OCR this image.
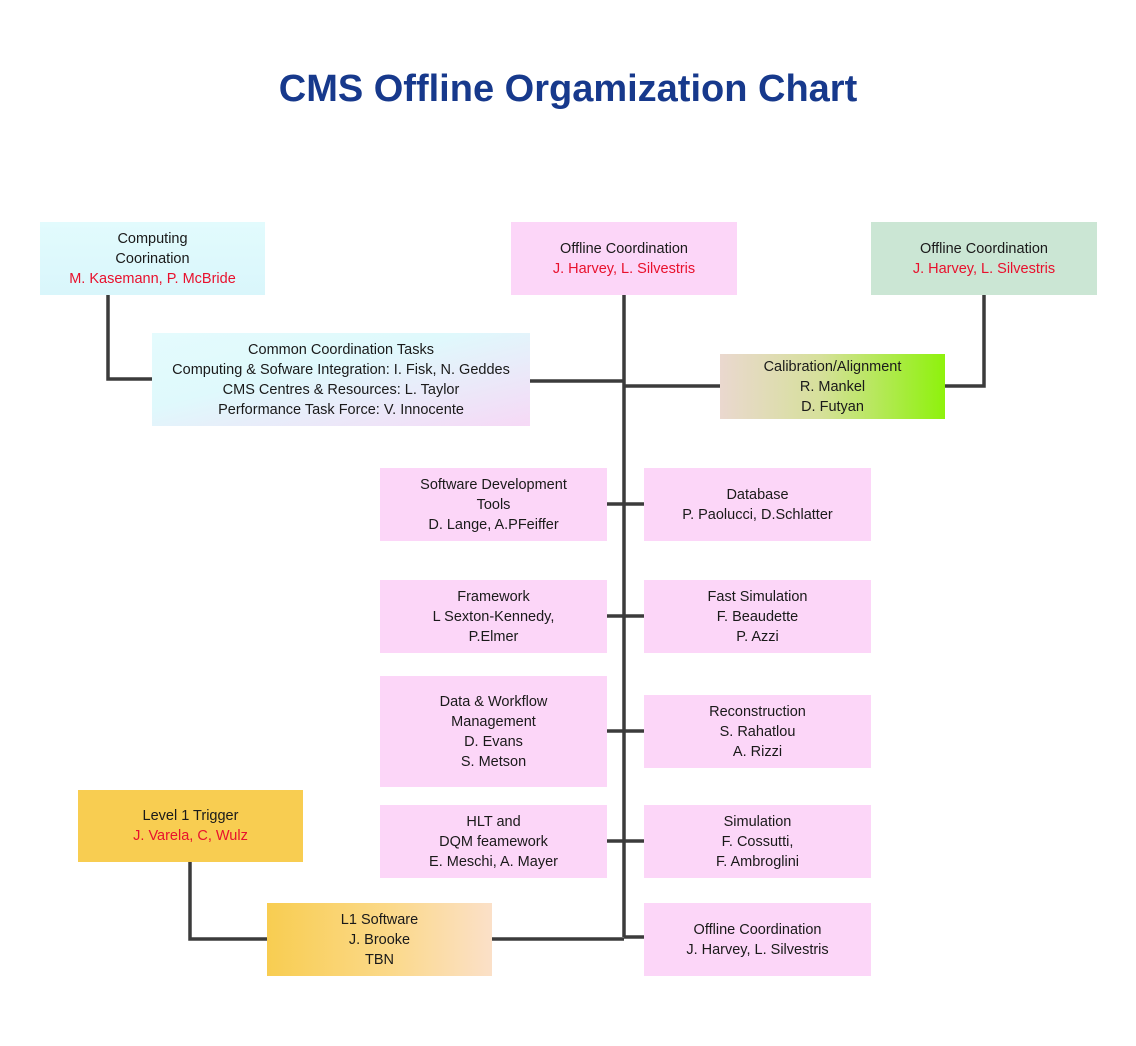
CMS Offline Orgamization Chart
Computing
Coorination
M. Kasemann, P. McBride
Offline Coordination
J. Harvey, L. Silvestris
Offline Coordination
J. Harvey, L. Silvestris
Common Coordination Tasks
Computing & Sofware Integration: I. Fisk, N. Geddes
CMS Centres & Resources: L. Taylor
Performance Task Force: V. Innocente
Calibration/Alignment
R. Mankel
D. Futyan
Software Development
Tools
D. Lange, A.PFeiffer
Database
P. Paolucci, D.Schlatter
Framework
L Sexton-Kennedy,
P.Elmer
Fast Simulation
F. Beaudette
P. Azzi
Data & Workflow
Management
D. Evans
S. Metson
Reconstruction
S. Rahatlou
A. Rizzi
HLT and
DQM feamework
E. Meschi, A. Mayer
Simulation
F. Cossutti,
F. Ambroglini
Level 1 Trigger
J. Varela, C, Wulz
L1 Software
J. Brooke
TBN
Offline Coordination
J. Harvey, L. Silvestris
